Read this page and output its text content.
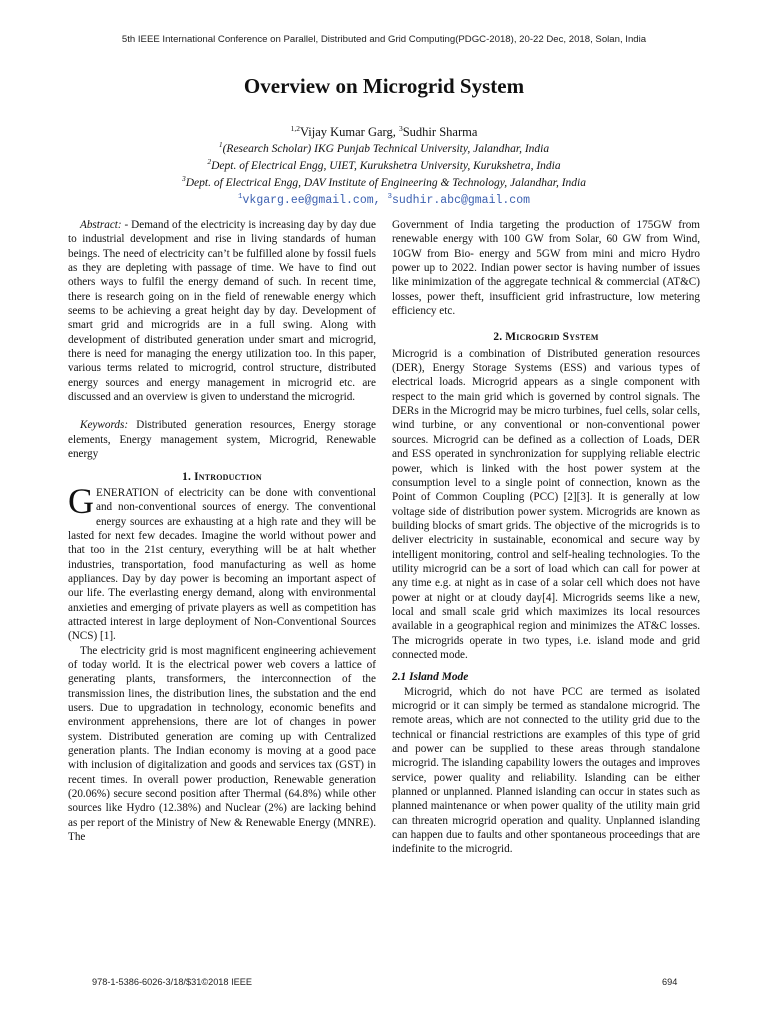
5th IEEE International Conference on Parallel, Distributed and Grid Computing(PDGC-2018), 20-22 Dec, 2018, Solan, India
Overview on Microgrid System
$^{1,2}$Vijay Kumar Garg, $^3$Sudhir Sharma
$^1$(Research Scholar) IKG Punjab Technical University, Jalandhar, India
$^2$Dept. of Electrical Engg, UIET, Kurukshetra University, Kurukshetra, India
$^3$Dept. of Electrical Engg, DAV Institute of Engineering & Technology, Jalandhar, India
$^1$vkgarg.ee@gmail.com, $^3$sudhir.abc@gmail.com

Abstract: - Demand of the electricity is increasing day by day due to industrial development and rise in living standards of human beings. The need of electricity can’t be fulfilled alone by fossil fuels as they are depleting with passage of time. We have to find out others ways to fulfil the energy demand of such. In recent time, there is research going on in the field of renewable energy which seems to be achieving a great height day by day. Development of smart grid and microgrids are in a full swing. Along with development of distributed generation under smart and microgrid, there is need for managing the energy utilization too. In this paper, various terms related to microgrid, control structure, distributed energy sources and energy management in microgrid etc. are discussed and an overview is given to understand the microgrid.

Keywords: Distributed generation resources, Energy storage elements, Energy management system, Microgrid, Renewable energy

1. Introduction

GENERATION of electricity can be done with conventional and non-conventional sources of energy. The conventional energy sources are exhausting at a high rate and they will be lasted for next few decades. Imagine the world without power and that too in the 21st century, everything will be at halt whether industries, transportation, food manufacturing as well as home appliances. Day by day power is becoming an important aspect of our life. The everlasting energy demand, along with environmental anxieties and emerging of private players as well as competition has attracted interest in large deployment of Non-Conventional Sources (NCS) [1].

The electricity grid is most magnificent engineering achievement of today world. It is the electrical power web covers a lattice of generating plants, transformers, the interconnection of the transmission lines, the distribution lines, the substation and the end users. Due to upgradation in technology, economic benefits and environment apprehensions, there are lot of changes in power system. Distributed generation are coming up with Centralized generation plants. The Indian economy is moving at a good pace with inclusion of digitalization and goods and services tax (GST) in recent times. In overall power production, Renewable generation (20.06%) secure second position after Thermal (64.8%) while other sources like Hydro (12.38%) and Nuclear (2%) are lacking behind as per report of the Ministry of New & Renewable Energy (MNRE). The

Government of India targeting the production of 175GW from renewable energy with 100 GW from Solar, 60 GW from Wind, 10GW from Bio- energy and 5GW from mini and micro Hydro power up to 2022. Indian power sector is having number of issues like minimization of the aggregate technical & commercial (AT&C) losses, power theft, insufficient grid infrastructure, low metering efficiency etc.

2. Microgrid System

Microgrid is a combination of Distributed generation resources (DER), Energy Storage Systems (ESS) and various types of electrical loads. Microgrid appears as a single component with respect to the main grid which is governed by control signals. The DERs in the Microgrid may be micro turbines, fuel cells, solar cells, wind turbine, or any conventional or non-conventional power sources. Microgrid can be defined as a collection of Loads, DER and ESS operated in synchronization for supplying reliable electric power, which is linked with the host power system at the consumption level to a single point of connection, known as the Point of Common Coupling (PCC) [2][3]. It is generally at low voltage side of distribution power system. Microgrids are known as building blocks of smart grids. The objective of the microgrids is to deliver electricity in sustainable, economical and secure way by intelligent monitoring, control and self-healing technologies. To the utility microgrid can be a sort of load which can call for power at any time e.g. at night as in case of a solar cell which does not have power at night or at cloudy day[4]. Microgrids seems like a new, local and small scale grid which maximizes its local resources available in a geographical region and minimizes the AT&C losses. The microgrids operate in two types, i.e. island mode and grid connected mode.

2.1 Island Mode

Microgrid, which do not have PCC are termed as isolated microgrid or it can simply be termed as standalone microgrid. The remote areas, which are not connected to the utility grid due to the technical or financial restrictions are examples of this type of grid and power can be supplied to these areas through standalone microgrid. The islanding capability lowers the outages and improves service, power quality and reliability. Islanding can be either planned or unplanned. Planned islanding can occur in states such as planned maintenance or when power quality of the utility main grid can threaten microgrid operation and quality. Unplanned islanding can happen due to faults and other spontaneous proceedings that are indefinite to the microgrid.

978-1-5386-6026-3/18/$31©2018 IEEE	694
